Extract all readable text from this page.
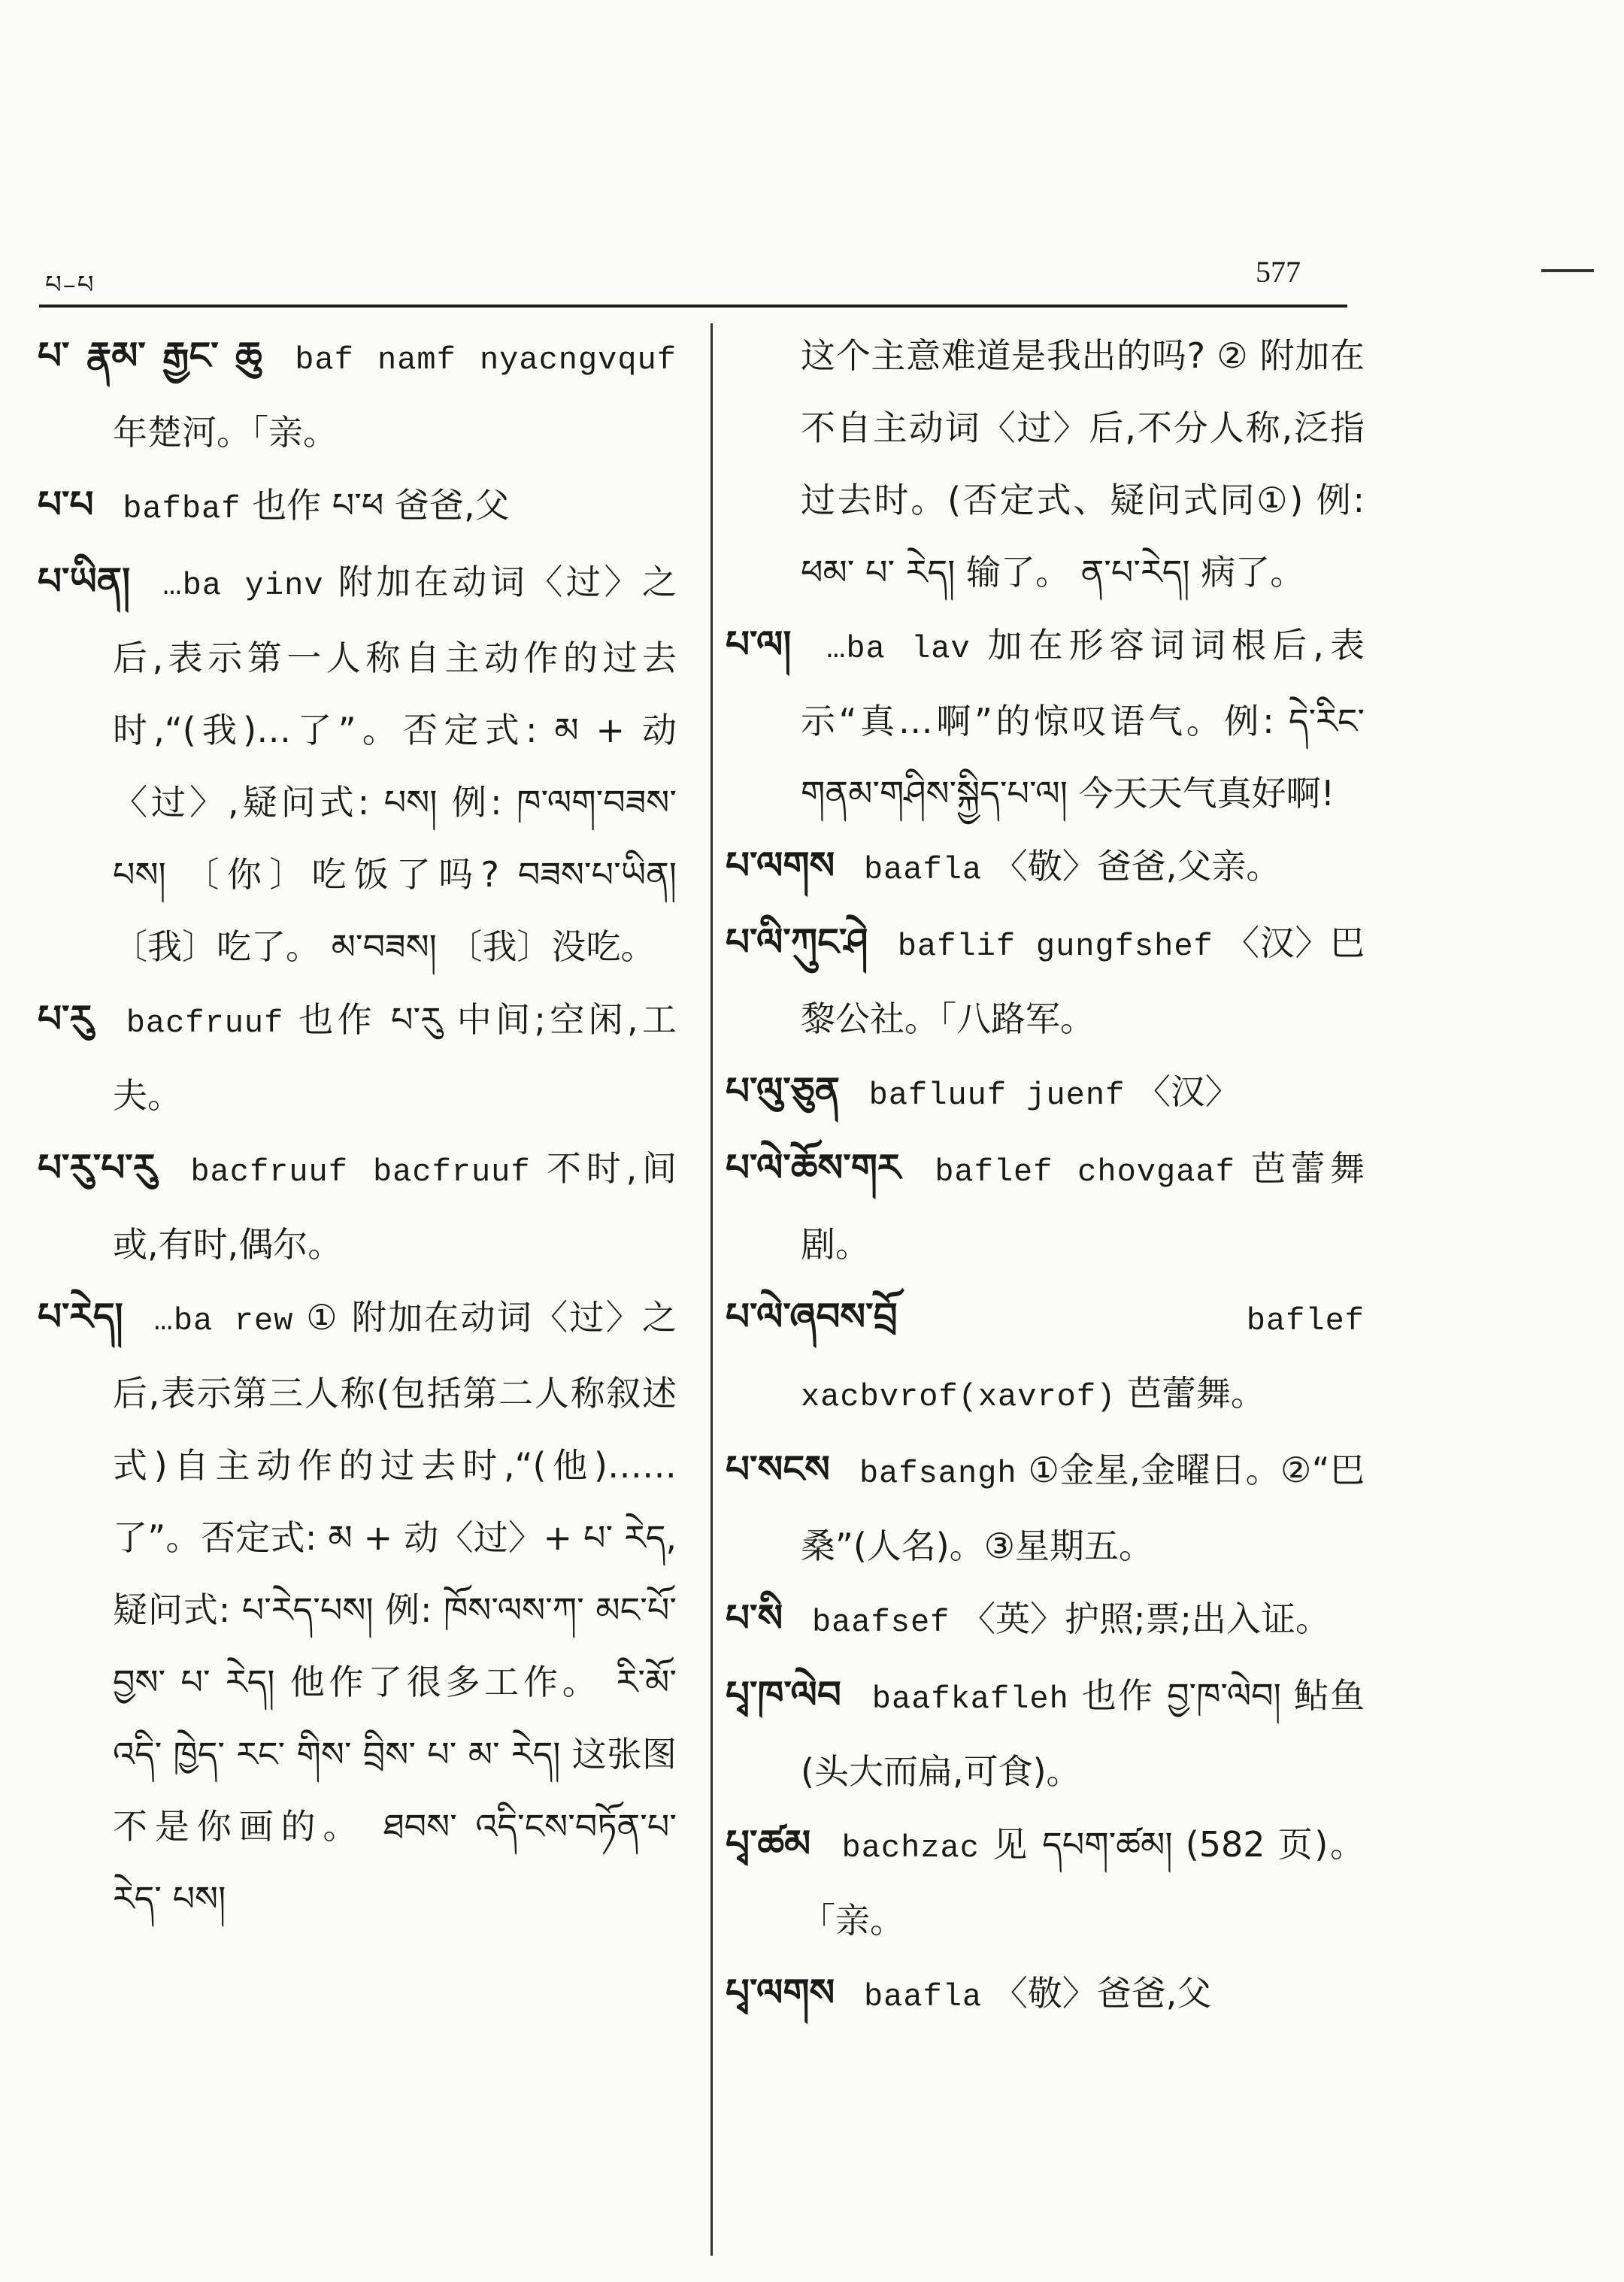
པ–པ	577

པ་ རྣམ་ རྒྱང་ ཆུ baf namf nyacngvquf 年楚河。「亲。

པ་པ bafbaf 也作 པ་ཕ 爸爸,父

པ་ཡིན། …ba yinv 附加在动词〈过〉之后,表示第一人称自主动作的过去时,“(我)…了”。否定式: མ + 动〈过〉,疑问式: པས། 例: ཁ་ལག་བཟས་པས། 〔你〕吃饭了吗? བཟས་པ་ཡིན། 〔我〕吃了。 མ་བཟས། 〔我〕没吃。

པ་རུ bacfruuf 也作 པ་རུ 中间;空闲,工夫。

པ་རུ་པ་རུ bacfruuf bacfruuf 不时,间或,有时,偶尔。

པ་རེད། …ba rew ① 附加在动词〈过〉之后,表示第三人称(包括第二人称叙述式)自主动作的过去时,“(他)……了”。否定式: མ + 动〈过〉+ པ་ རེད, 疑问式: པ་རེད་པས། 例: ཁོས་ལས་ཀ་ མང་པོ་ བྱས་ པ་ རེད། 他作了很多工作。 རི་མོ་ འདི་ ཁྱེད་ རང་ གིས་ བྲིས་ པ་ མ་ རེད། 这张图不是你画的。 ཐབས་ འདི་ངས་བཏོན་པ་ རེད་ པས།

这个主意难道是我出的吗? ② 附加在不自主动词〈过〉后,不分人称,泛指过去时。(否定式、疑问式同①) 例: ཕམ་ པ་ རེད། 输了。 ན་པ་རེད། 病了。

པ་ལ། …ba lav 加在形容词词根后,表示“真…啊”的惊叹语气。例: དེ་རིང་གནམ་གཤིས་སྐྱིད་པ་ལ། 今天天气真好啊!

པ་ལགས baafla 〈敬〉爸爸,父亲。

པ་ལི་ཀུང་ཤེ baflif gungfshef 〈汉〉巴黎公社。「八路军。

པ་ལུ་ཅུན bafluuf juenf 〈汉〉

པ་ལེ་ཆོས་གར baflef chovgaaf 芭蕾舞剧。

པ་ལེ་ཞབས་བྲོ	baflef xacbvrof(xavrof) 芭蕾舞。

པ་སངས bafsangh ①金星,金曜日。②“巴桑”(人名)。③星期五。

པ་སི baafsef 〈英〉护照;票;出入证。

པྭ་ཁ་ལེབ baafkafleh 也作 བྱ་ཁ་ལེབ། 鲇鱼(头大而扁,可食)。

པྭ་ཚམ bachzac 见 དཔག་ཚམ། (582 页)。「亲。

པྭ་ལགས baafla 〈敬〉爸爸,父
